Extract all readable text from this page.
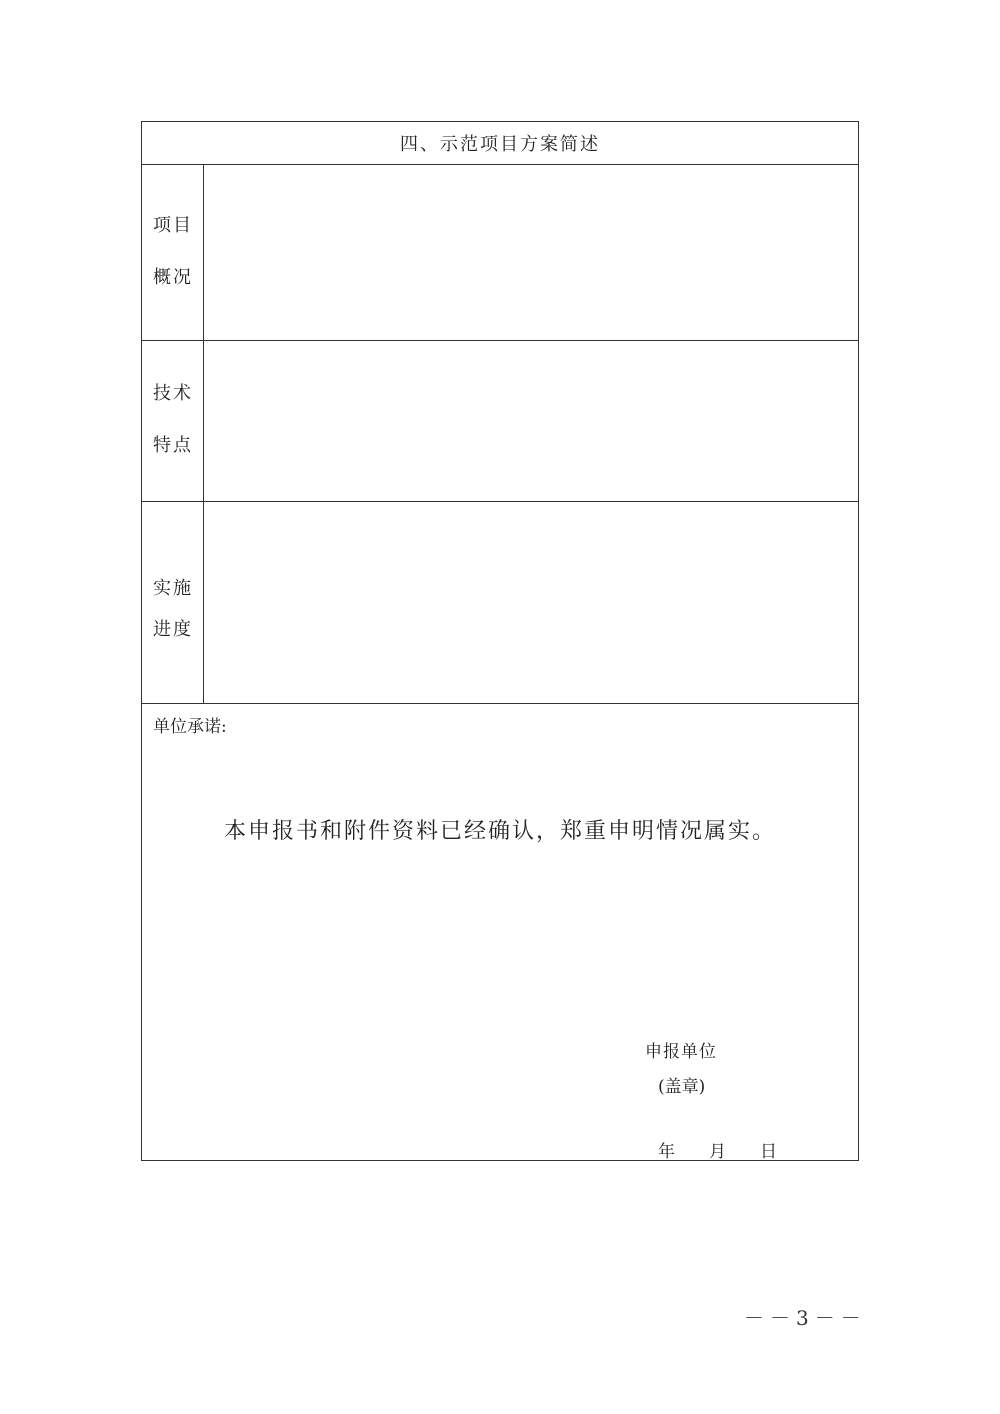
四、示范项目方案简述
项目
概况
技术
特点
实施
进度
单位承诺:
本申报书和附件资料已经确认，郑重申明情况属实。
申报单位
(盖章)
年 月 日
－－3－－
